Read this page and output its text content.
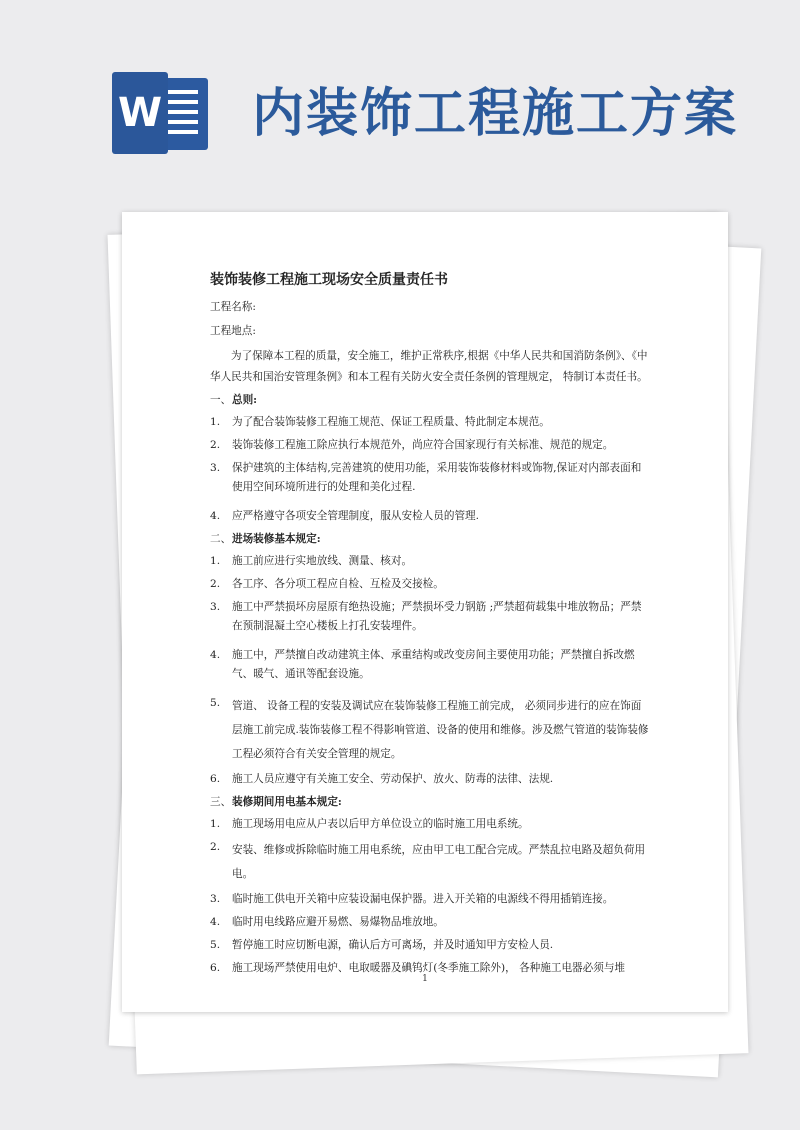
W 内装饰工程施工方案
装饰装修工程施工现场安全质量责任书

工程名称:

工程地点:

为了保障本工程的质量，安全施工，维护正常秩序,根据《中华人民共和国消防条例》、《中华人民共和国治安管理条例》和本工程有关防火安全责任条例的管理规定， 特制订本责任书。

一、总则:
1.	为了配合装饰装修工程施工规范、保证工程质量、特此制定本规范。
2.	装饰装修工程施工除应执行本规范外，尚应符合国家现行有关标准、规范的规定。
3.	保护建筑的主体结构,完善建筑的使用功能，采用装饰装修材料或饰物,保证对内部表面和使用空间环境所进行的处理和美化过程.
4.	应严格遵守各项安全管理制度，服从安检人员的管理.
二、进场装修基本规定:
1.	施工前应进行实地放线、测量、核对。
2.	各工序、各分项工程应自检、互检及交接检。
3.	施工中严禁损坏房屋原有绝热设施；严禁损坏受力钢筋 ;严禁超荷载集中堆放物品；严禁在预制混凝土空心楼板上打孔安装埋件。
4.	施工中，严禁擅自改动建筑主体、承重结构或改变房间主要使用功能；严禁擅自拆改燃气、暖气、通讯等配套设施。
5.	管道、 设备工程的安装及调试应在装饰装修工程施工前完成， 必须同步进行的应在饰面层施工前完成.装饰装修工程不得影响管道、设备的使用和维修。涉及燃气管道的装饰装修工程必须符合有关安全管理的规定。
6.	施工人员应遵守有关施工安全、劳动保护、放火、防毒的法律、法规.
三、装修期间用电基本规定:
1.	施工现场用电应从户表以后甲方单位设立的临时施工用电系统。
2.	安装、维修或拆除临时施工用电系统，应由甲工电工配合完成。严禁乱拉电路及超负荷用电。
3.	临时施工供电开关箱中应装设漏电保护器。进入开关箱的电源线不得用插销连接。
4.	临时用电线路应避开易燃、易爆物品堆放地。
5.	暂停施工时应切断电源，确认后方可离场，并及时通知甲方安检人员.
6.	施工现场严禁使用电炉、电取暖器及碘钨灯(冬季施工除外)， 各种施工电器必须与堆
1
